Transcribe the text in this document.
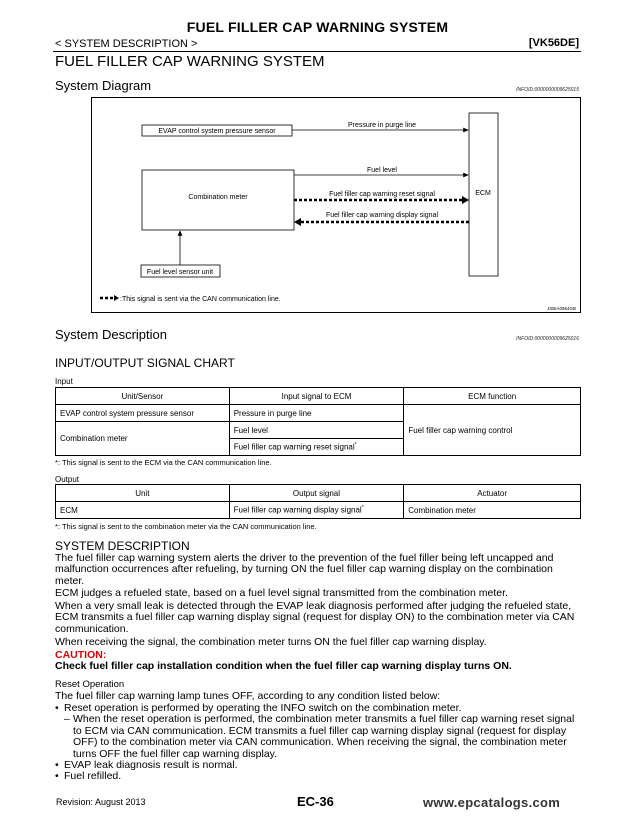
FUEL FILLER CAP WARNING SYSTEM
< SYSTEM DESCRIPTION >	[VK56DE]
FUEL FILLER CAP WARNING SYSTEM
System Diagram	INFOID:0000000009625015
EVAP control system pressure sensor
Pressure in purge line
Combination meter
ECM
Fuel level
Fuel filler cap warning reset signal
Fuel filler cap warning display signal
Fuel level sensor unit
:This signal is sent via the CAN communication line.
JSBIA0954GB
System Description	INFOID:0000000009625016
INPUT/OUTPUT SIGNAL CHART
Input
Unit/Sensor	Input signal to ECM	ECM function
EVAP control system pressure sensor	Pressure in purge line	Fuel filler cap warning control
Combination meter	Fuel level	
	Fuel filler cap warning reset signal*
*: This signal is sent to the ECM via the CAN communication line.
Output
Unit	Output signal	Actuator
ECM	Fuel filler cap warning display signal*	Combination meter
*: This signal is sent to the combination meter via the CAN communication line.
SYSTEM DESCRIPTION
The fuel filler cap warning system alerts the driver to the prevention of the fuel filler being left uncapped and malfunction occurrences after refueling, by turning ON the fuel filler cap warning display on the combination meter.
ECM judges a refueled state, based on a fuel level signal transmitted from the combination meter.
When a very small leak is detected through the EVAP leak diagnosis performed after judging the refueled state, ECM transmits a fuel filler cap warning display signal (request for display ON) to the combination meter via CAN communication.
When receiving the signal, the combination meter turns ON the fuel filler cap warning display.
CAUTION:
Check fuel filler cap installation condition when the fuel filler cap warning display turns ON.
Reset Operation
The fuel filler cap warning lamp tunes OFF, according to any condition listed below:
• Reset operation is performed by operating the INFO switch on the combination meter.
– When the reset operation is performed, the combination meter transmits a fuel filler cap warning reset signal to ECM via CAN communication. ECM transmits a fuel filler cap warning display signal (request for display OFF) to the combination meter via CAN communication. When receiving the signal, the combination meter turns OFF the fuel filler cap warning display.
• EVAP leak diagnosis result is normal.
• Fuel refilled.
Revision: August 2013	EC-36	www.epcatalogs.com
